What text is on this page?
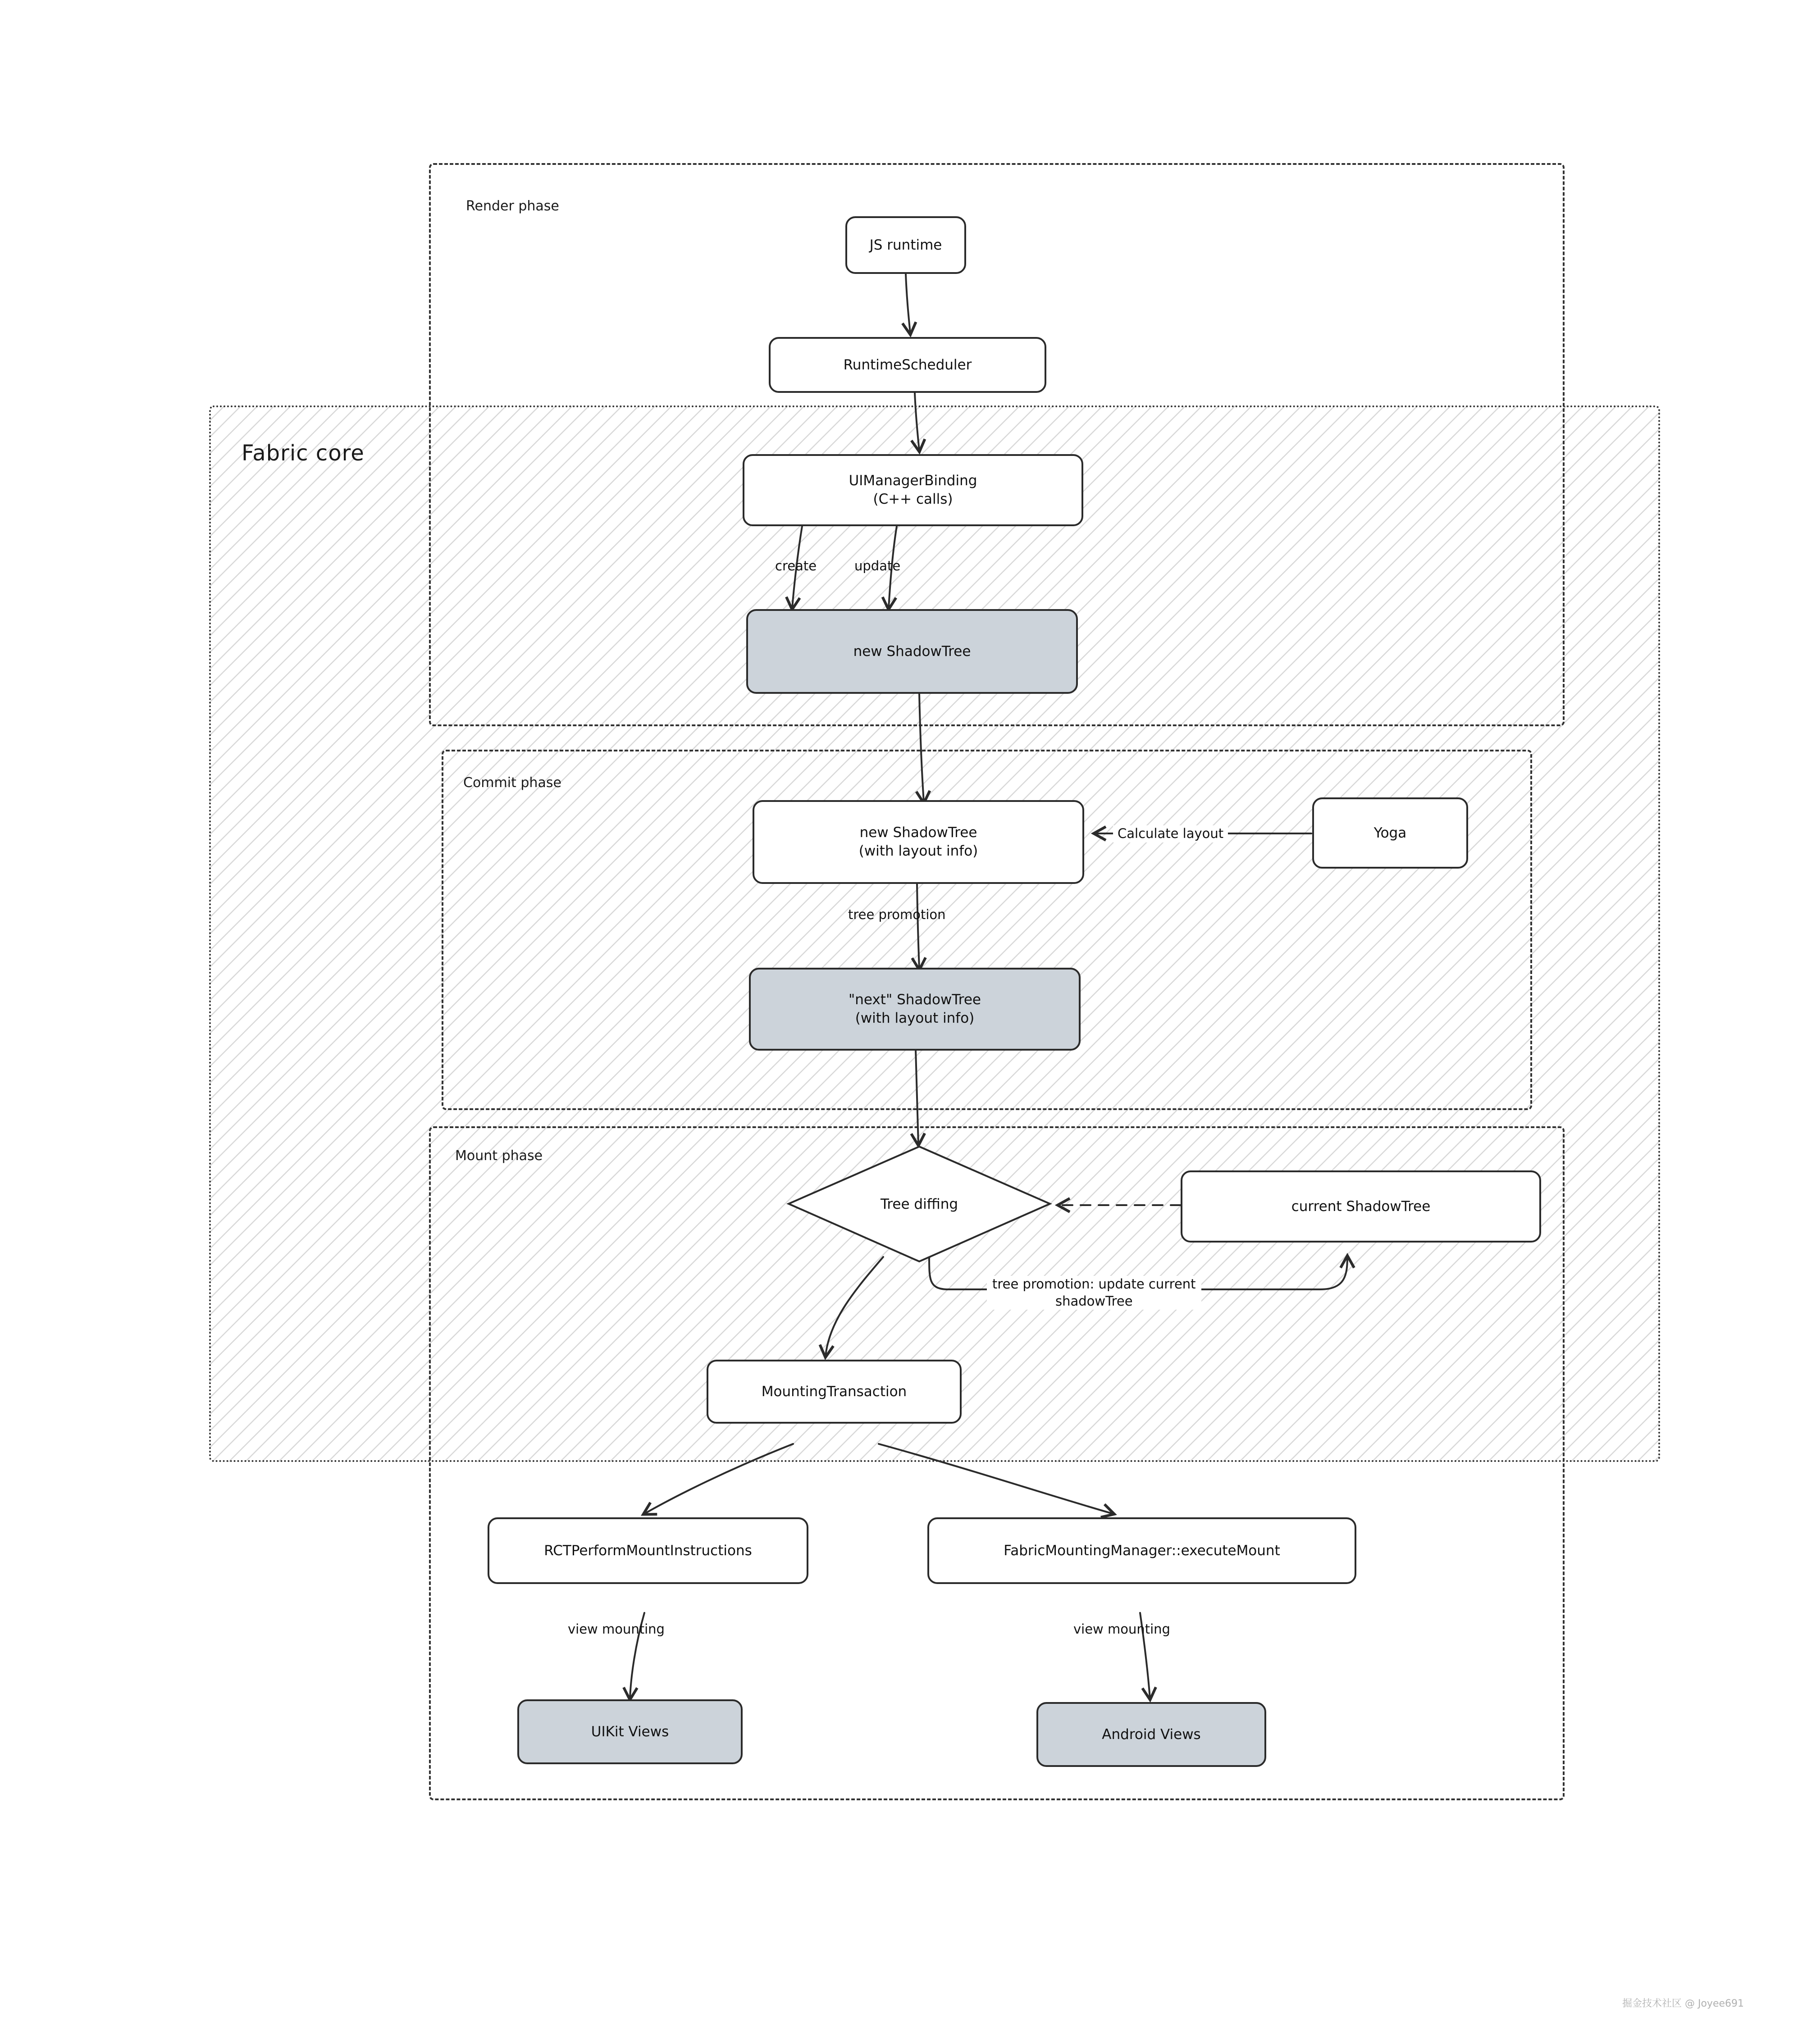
Render phase
Fabric core
Commit phase
Mount phase
JS runtime
RuntimeScheduler
UIManagerBinding
(C++ calls)
new ShadowTree
new ShadowTree
(with layout info)
Yoga
"next" ShadowTree
(with layout info)
Tree diffing	current ShadowTree
MountingTransaction
RCTPerformMountInstructions	FabricMountingManager::executeMount
UIKit Views	Android Views
create	update
Calculate layout
tree promotion
tree promotion: update current
shadowTree
view mounting	view mounting
掘金技术社区 @ Joyee691
